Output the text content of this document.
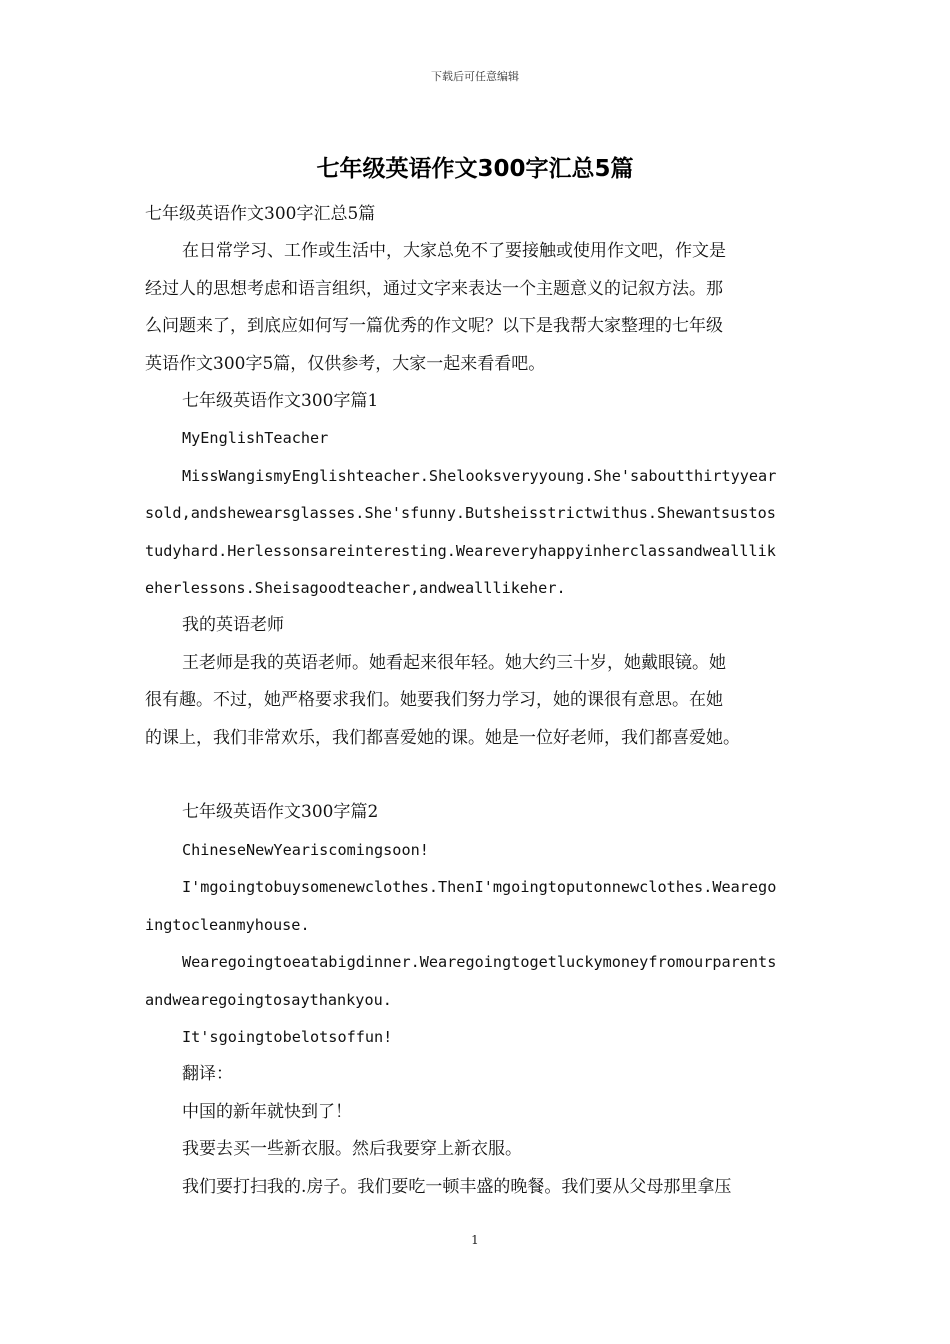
下载后可任意编辑
七年级英语作文300字汇总5篇
七年级英语作文300字汇总5篇
在日常学习、工作或生活中，大家总免不了要接触或使用作文吧，作文是
经过人的思想考虑和语言组织，通过文字来表达一个主题意义的记叙方法。那
么问题来了，到底应如何写一篇优秀的作文呢？以下是我帮大家整理的七年级
英语作文300字5篇，仅供参考，大家一起来看看吧。
七年级英语作文300字篇1
MyEnglishTeacher
MissWangismyEnglishteacher.Shelooksveryyoung.She'saboutthirtyyear
sold,andshewearsglasses.She'sfunny.Butsheisstrictwithus.Shewantsustos
tudyhard.Herlessonsareinteresting.Weareveryhappyinherclassandwealllik
eherlessons.Sheisagoodteacher,andwealllikeher.
我的英语老师
王老师是我的英语老师。她看起来很年轻。她大约三十岁，她戴眼镜。她
很有趣。不过，她严格要求我们。她要我们努力学习，她的课很有意思。在她
的课上，我们非常欢乐，我们都喜爱她的课。她是一位好老师，我们都喜爱她。
七年级英语作文300字篇2
ChineseNewYeariscomingsoon!
I'mgoingtobuysomenewclothes.ThenI'mgoingtoputonnewclothes.Wearego
ingtocleanmyhouse.
Wearegoingtoeatabigdinner.Wearegoingtogetluckymoneyfromourparents
andwearegoingtosaythankyou.
It'sgoingtobelotsoffun!
翻译：
中国的新年就快到了！
我要去买一些新衣服。然后我要穿上新衣服。
我们要打扫我的.房子。我们要吃一顿丰盛的晚餐。我们要从父母那里拿压
1
